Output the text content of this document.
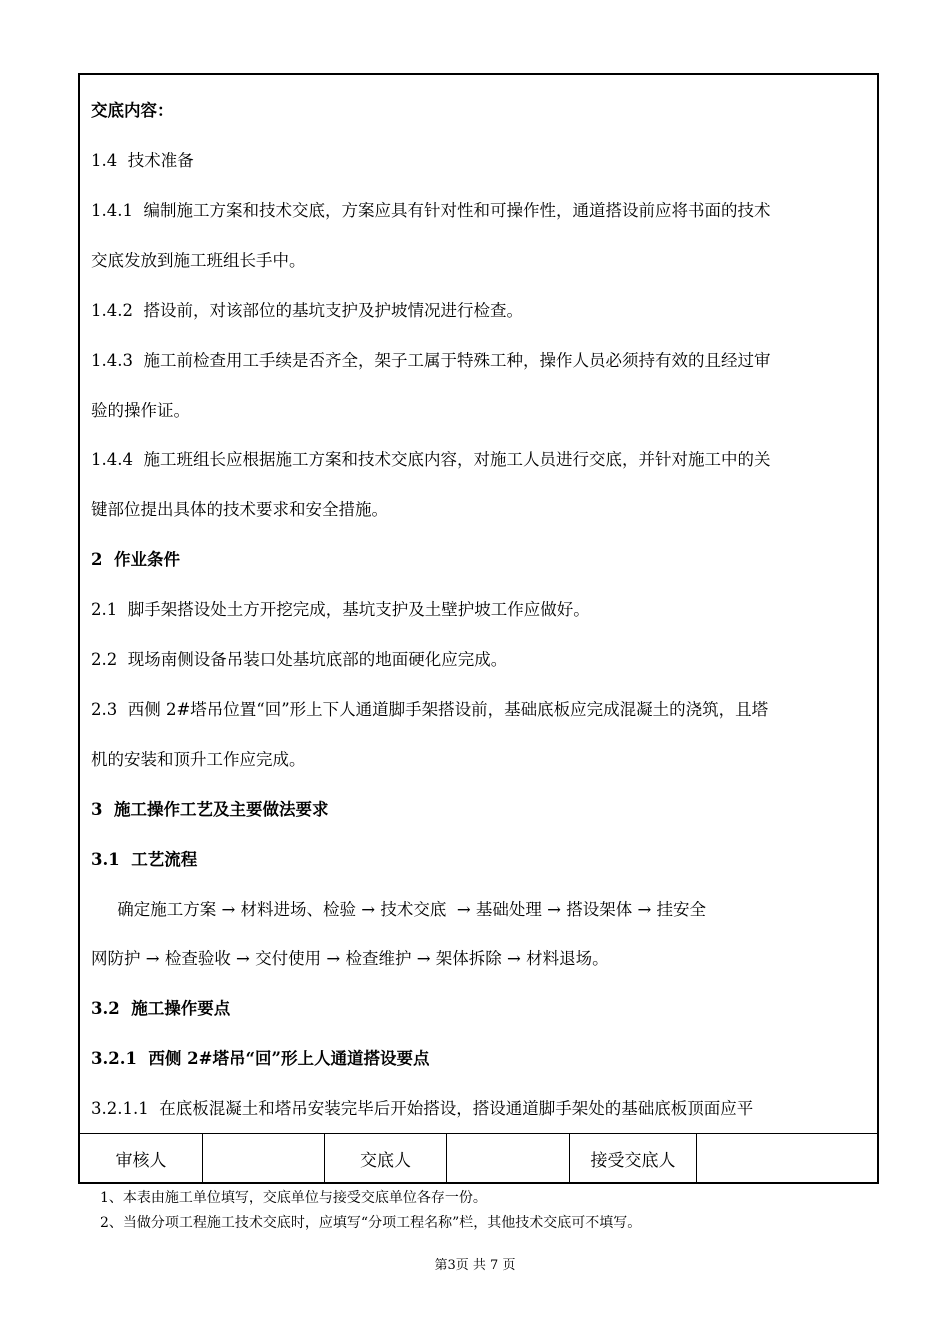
交底内容：
1.4  技术准备
1.4.1  编制施工方案和技术交底，方案应具有针对性和可操作性，通道搭设前应将书面的技术
交底发放到施工班组长手中。
1.4.2  搭设前，对该部位的基坑支护及护坡情况进行检查。
1.4.3  施工前检查用工手续是否齐全，架子工属于特殊工种，操作人员必须持有效的且经过审
验的操作证。
1.4.4  施工班组长应根据施工方案和技术交底内容，对施工人员进行交底，并针对施工中的关
键部位提出具体的技术要求和安全措施。
2  作业条件
2.1  脚手架搭设处土方开挖完成，基坑支护及土壁护坡工作应做好。
2.2  现场南侧设备吊装口处基坑底部的地面硬化应完成。
2.3  西侧 2#塔吊位置“回”形上下人通道脚手架搭设前，基础底板应完成混凝土的浇筑，且塔
机的安装和顶升工作应完成。
3  施工操作工艺及主要做法要求
3.1  工艺流程
确定施工方案 → 材料进场、检验 → 技术交底  → 基础处理 → 搭设架体 → 挂安全
网防护 → 检查验收 → 交付使用 → 检查维护 → 架体拆除 → 材料退场。
3.2  施工操作要点
3.2.1  西侧 2#塔吊“回”形上人通道搭设要点
3.2.1.1  在底板混凝土和塔吊安装完毕后开始搭设，搭设通道脚手架处的基础底板顶面应平
审核人	交底人	接受交底人
1、本表由施工单位填写，交底单位与接受交底单位各存一份。
2、当做分项工程施工技术交底时，应填写“分项工程名称”栏，其他技术交底可不填写。
第3页 共 7 页
